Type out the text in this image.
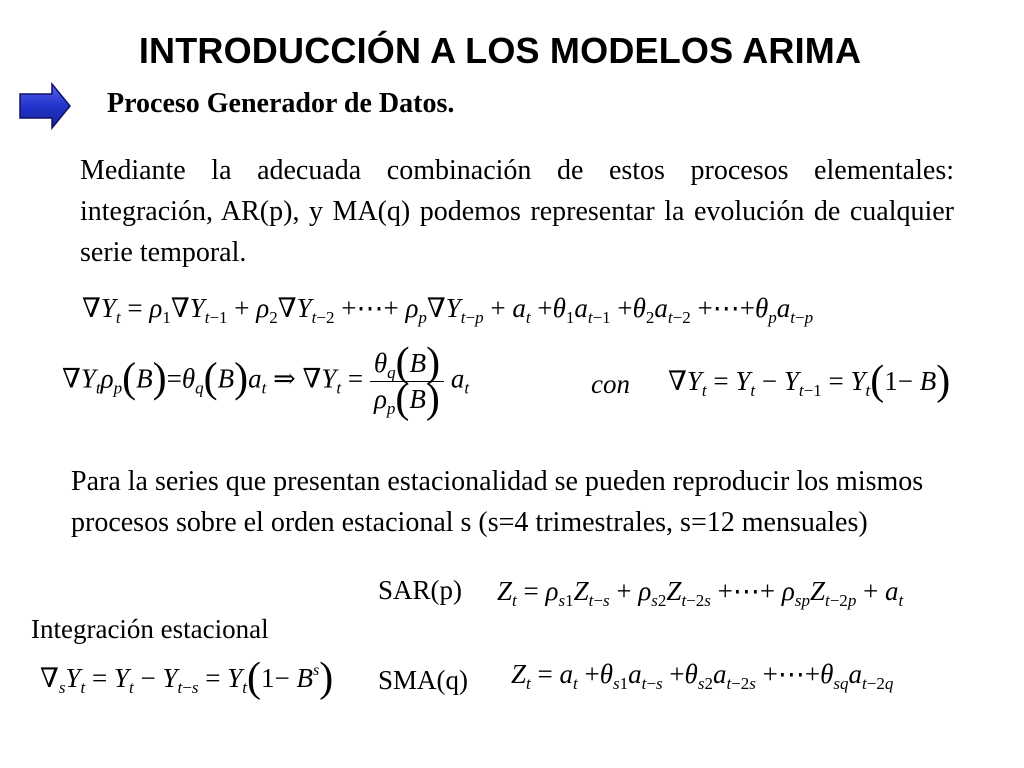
INTRODUCCIÓN A LOS MODELOS ARIMA
Proceso Generador de Datos.
Mediante la adecuada combinación de estos procesos elementales: integración, AR(p), y MA(q) podemos representar la evolución de cualquier serie temporal.
$\nabla Y_t = \rho_1\nabla Y_{t-1} + \rho_2\nabla Y_{t-2}$ +⋯+ $\rho_p\nabla Y_{t-p} + a_t +\theta_1a_{t-1} +\theta_2a_{t-2}$ $+\cdots+\theta_pa_{t-p}$
$\nabla Y_t\rho_p(B)=\theta_q(B)a_t$ ⇒ $\nabla Y_t = \frac{\theta_q(B)}{\rho_p(B)} a_t$	con $\nabla Y_t = Y_t - Y_{t-1} = Y_t(1- B)$
Para la series que presentan estacionalidad se pueden reproducir los mismos procesos sobre el orden estacional s (s=4 trimestrales, s=12 mensuales)
SAR(p) $Z_t = \rho_{s1}Z_{t-s} + \rho_{s2}Z_{t-2s}$ +⋯+ $\rho_{sp}Z_{t-2p} + a_t$
Integración estacional
$\nabla_sY_t = Y_t - Y_{t-s} = Y_t(1- B^s)$ SMA(q) $Z_t = a_t +\theta_{s1}a_{t-s} +\theta_{s2}a_{t-2s}$ $+\cdots+\theta_{sq}a_{t-2q}$
